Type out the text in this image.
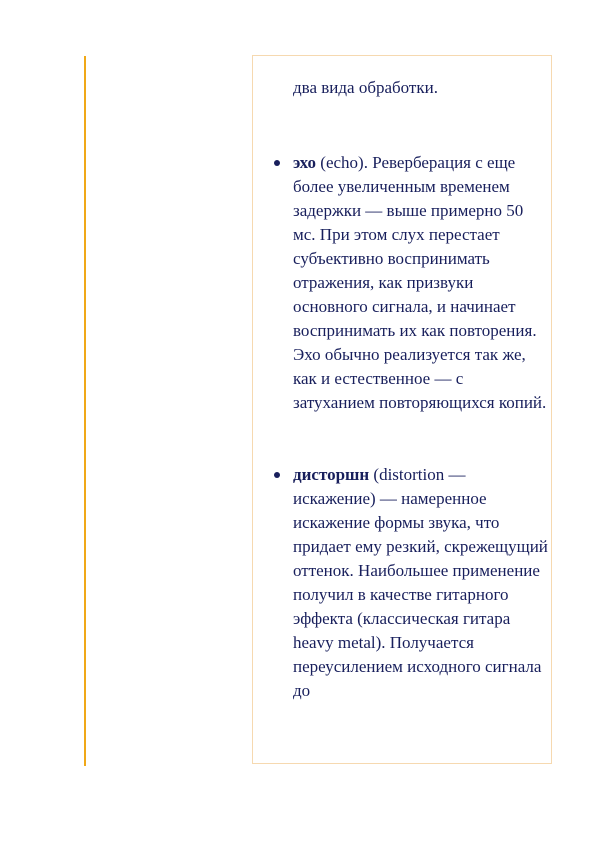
два вида обработки.

эхо (echo). Реверберация с еще более увеличенным временем задержки — выше примерно 50 мс. При этом слух перестает субъективно воспринимать отражения, как призвуки основного сигнала, и начинает воспринимать их как повторения. Эхо обычно реализуется так же, как и естественное — с затуханием повторяющихся копий.

дисторшн (distortion — искажение) — намеренное искажение формы звука, что придает ему резкий, скрежещущий оттенок. Наибольшее применение получил в качестве гитарного эффекта (классическая гитара heavy metal). Получается переусилением исходного сигнала до
